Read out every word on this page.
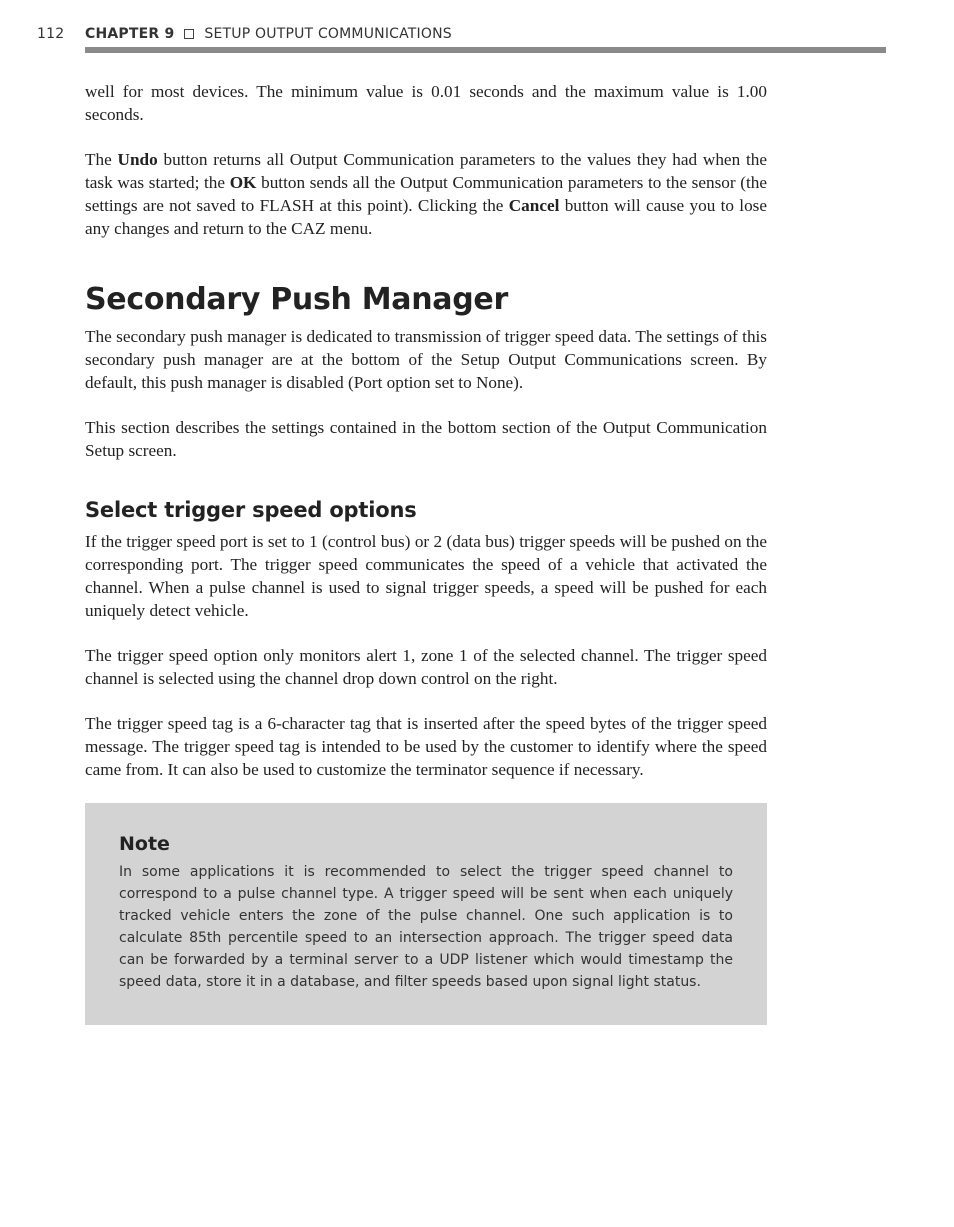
112	CHAPTER 9 SETUP OUTPUT COMMUNICATIONS

well for most devices. The minimum value is 0.01 seconds and the maximum value is 1.00 seconds.

The Undo button returns all Output Communication parameters to the values they had when the task was started; the OK button sends all the Output Communication parameters to the sensor (the settings are not saved to FLASH at this point). Clicking the Cancel button will cause you to lose any changes and return to the CAZ menu.

Secondary Push Manager

The secondary push manager is dedicated to transmission of trigger speed data. The settings of this secondary push manager are at the bottom of the Setup Output Communications screen. By default, this push manager is disabled (Port option set to None).

This section describes the settings contained in the bottom section of the Output Communication Setup screen.

Select trigger speed options

If the trigger speed port is set to 1 (control bus) or 2 (data bus) trigger speeds will be pushed on the corresponding port. The trigger speed communicates the speed of a vehicle that activated the channel. When a pulse channel is used to signal trigger speeds, a speed will be pushed for each uniquely detect vehicle.

The trigger speed option only monitors alert 1, zone 1 of the selected channel. The trigger speed channel is selected using the channel drop down control on the right.

The trigger speed tag is a 6-character tag that is inserted after the speed bytes of the trigger speed message. The trigger speed tag is intended to be used by the customer to identify where the speed came from. It can also be used to customize the terminator sequence if necessary.

Note

In some applications it is recommended to select the trigger speed channel to correspond to a pulse channel type. A trigger speed will be sent when each uniquely tracked vehicle enters the zone of the pulse channel. One such application is to calculate 85th percentile speed to an intersection approach. The trigger speed data can be forwarded by a terminal server to a UDP listener which would timestamp the speed data, store it in a database, and filter speeds based upon signal light status.
